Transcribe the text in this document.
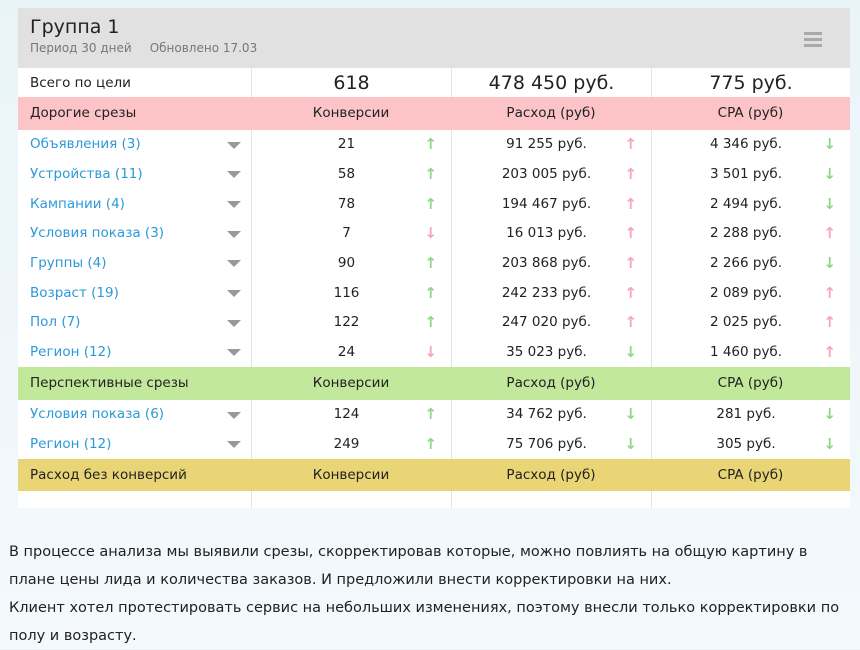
Группа 1
Период 30 дней Обновлено 17.03
Всего по цели	618	478 450 руб.	775 руб.
Дорогие срезы	Конверсии	Расход (руб)	CPA (руб)
Объявления (3)	21	↑	91 255 руб.	↑	4 346 руб.	↓
Устройства (11)	58	↑	203 005 руб. ↑	3 501 руб.	↓
Кампании (4)	78	↑	194 467 руб. ↑	2 494 руб.	↓
Условия показа (3)	7	↓	16 013 руб.	↑	2 288 руб.	↑
Группы (4)	90	↑	203 868 руб. ↑	2 266 руб.	↓
Возраст (19)	116	↑	242 233 руб. ↑	2 089 руб.	↑
Пол (7)	122	↑	247 020 руб. ↑	2 025 руб.	↑
Регион (12)	24	↓	35 023 руб.	↓	1 460 руб.	↑
Перспективные срезы	Конверсии	Расход (руб)	CPA (руб)
Условия показа (6)	124	↑	34 762 руб.	↓	281 руб.	↓
Регион (12)	249	↑	75 706 руб.	↓	305 руб.	↓
Расход без конверсий	Конверсии	Расход (руб)	CPA (руб)

В процессе анализа мы выявили срезы, скорректировав которые, можно повлиять на общую картину в плане цены лида и количества заказов. И предложили внести корректировки на них.

Клиент хотел протестировать сервис на небольших изменениях, поэтому внесли только корректировки по полу и возрасту.
